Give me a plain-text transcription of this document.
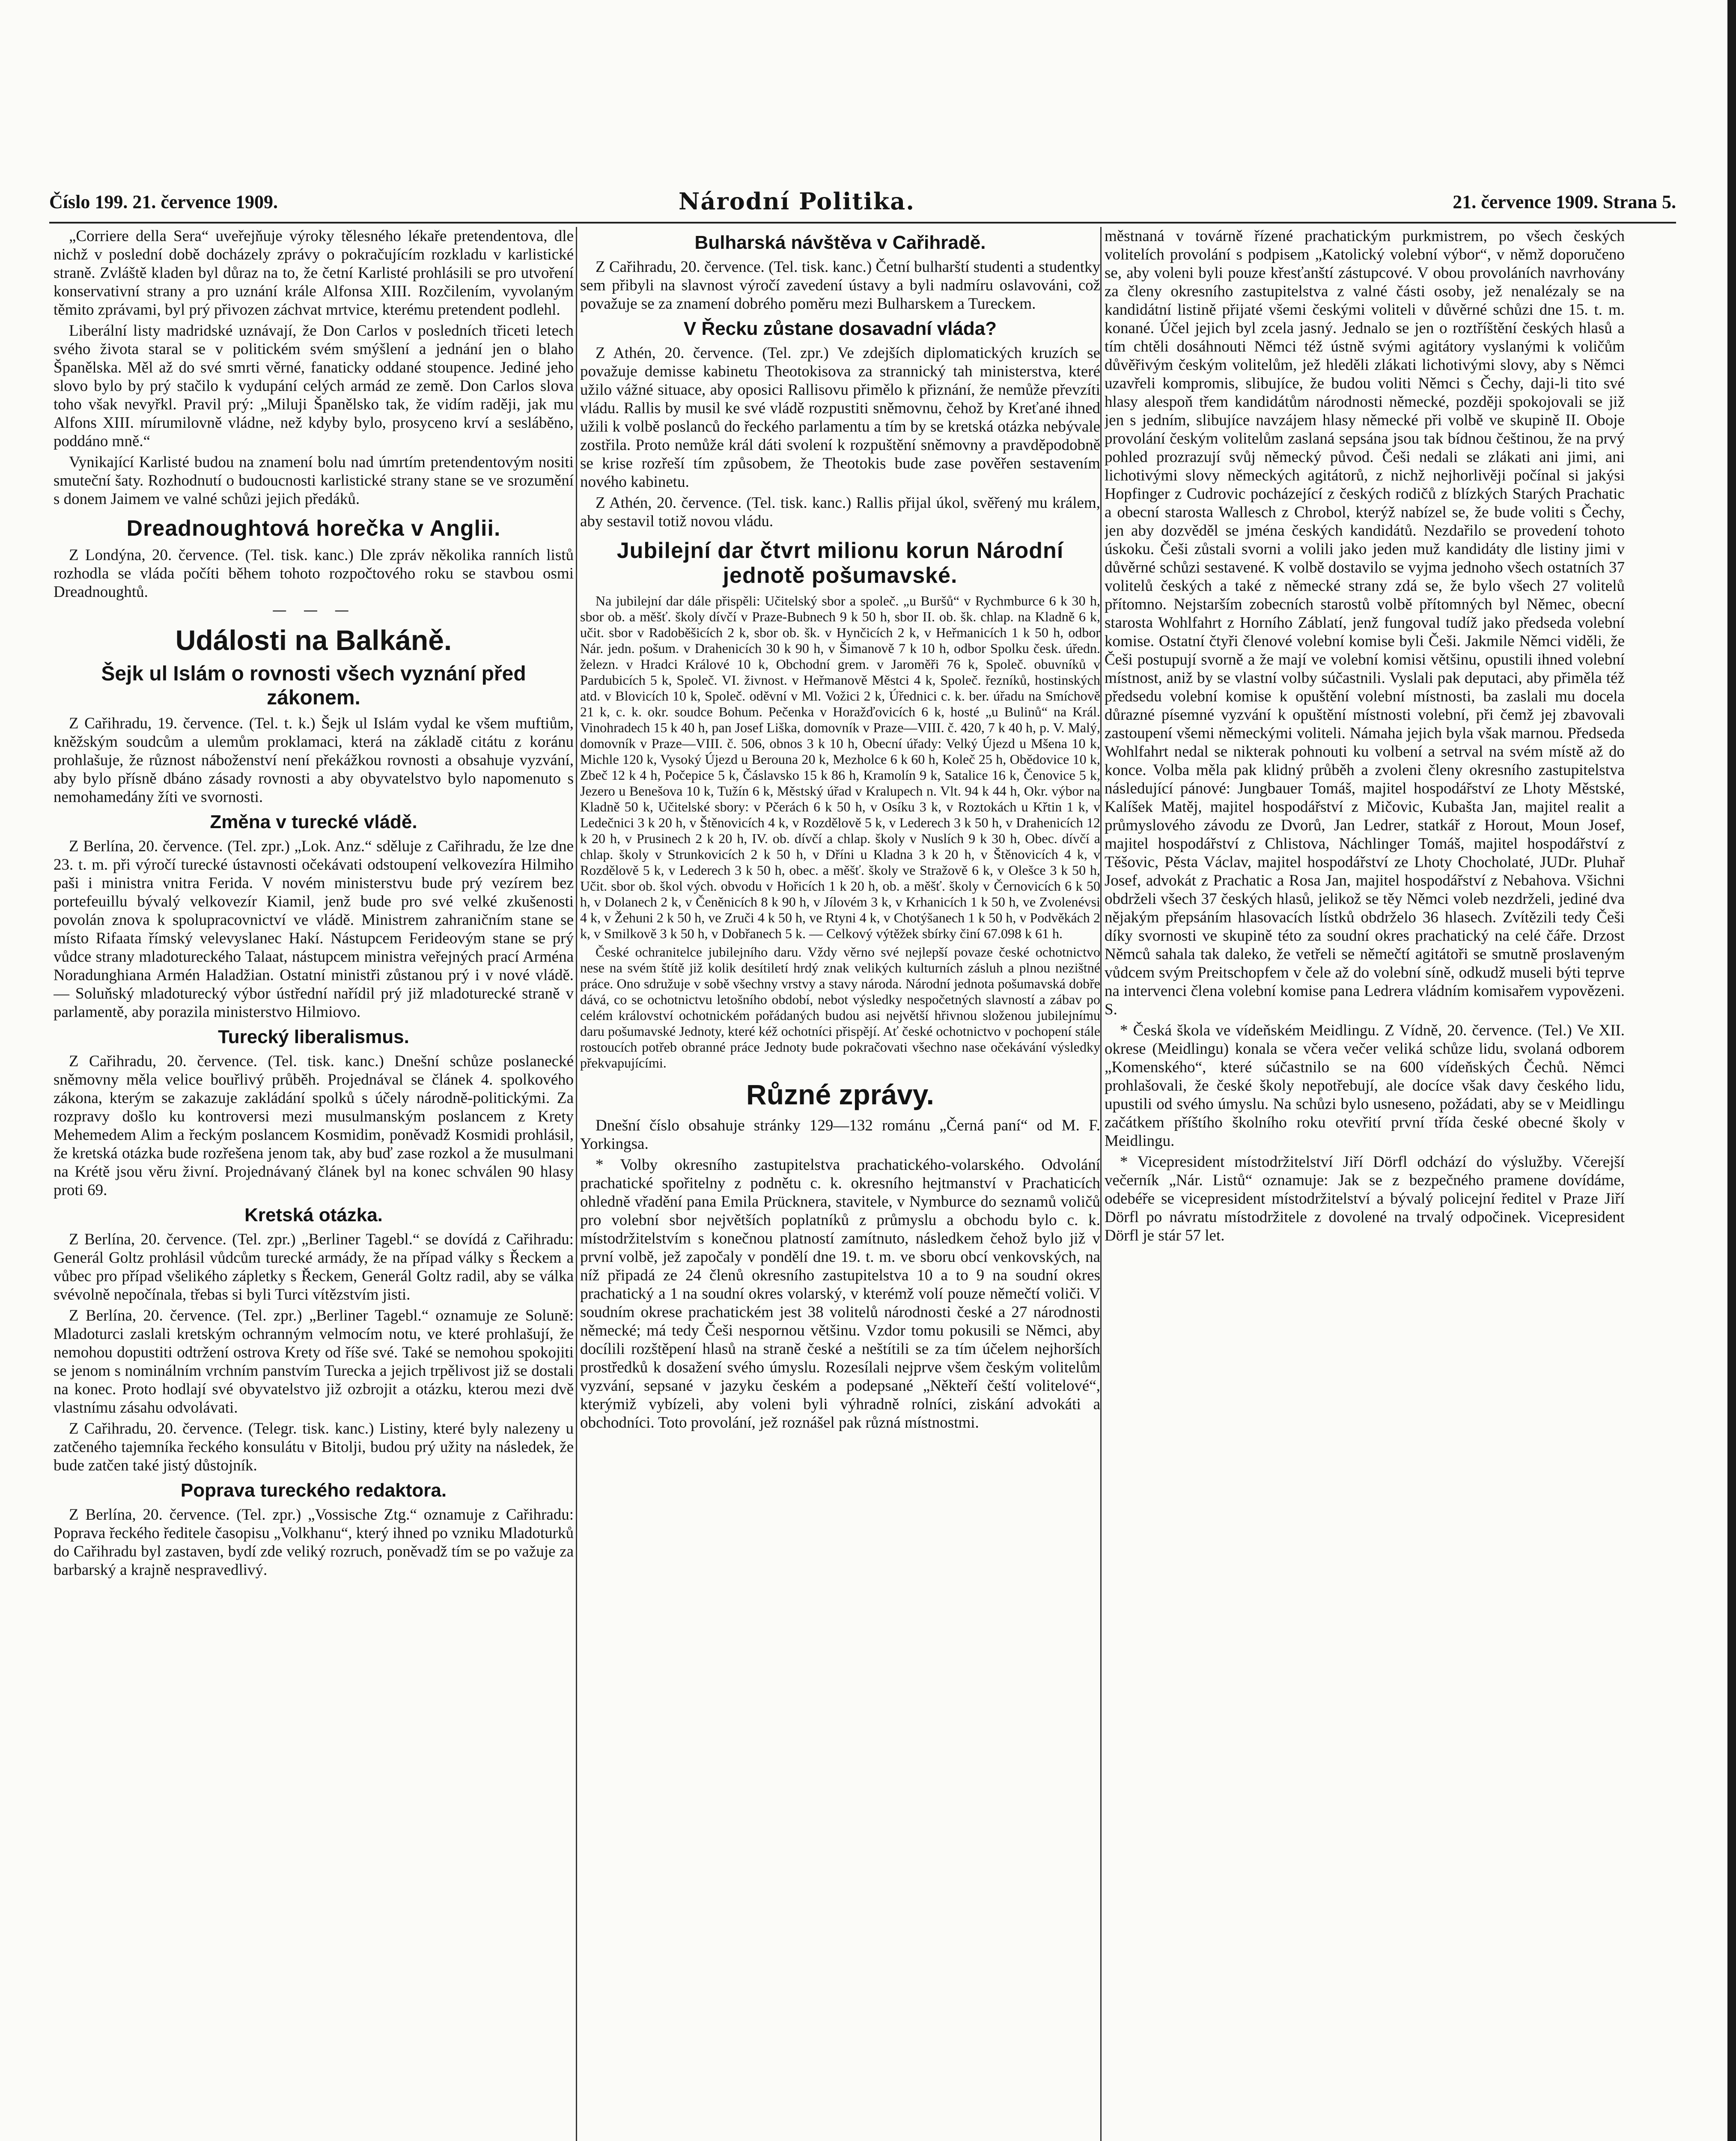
Číslo 199. 21. července 1909.	Národní Politika.	21. července 1909. Strana 5.

„Corriere della Sera“ uveřejňuje výroky tělesného lékaře pretendentova, dle nichž v poslední době docházely zprávy o pokračujícím rozkladu v karlistické straně. Zvláště kladen byl důraz na to, že četní Karlisté prohlásili se pro utvoření konservativní strany a pro uznání krále Alfonsa XIII. Rozčilením, vyvolaným těmito zprávami, byl prý přivozen záchvat mrtvice, kterému pretendent podlehl.

Liberální listy madridské uznávají, že Don Carlos v posledních třiceti letech svého života staral se v politickém svém smýšlení a jednání jen o blaho Španělska. Měl až do své smrti věrné, fanaticky oddané stoupence. Jediné jeho slovo bylo by prý stačilo k vydupání celých armád ze země. Don Carlos slova toho však nevyřkl. Pravil prý: „Miluji Španělsko tak, že vidím raději, jak mu Alfons XIII. mírumilovně vládne, než kdyby bylo, prosyceno krví a sesláběno, poddáno mně.“

Vynikající Karlisté budou na znamení bolu nad úmrtím pretendentovým nositi smuteční šaty. Rozhodnutí o budoucnosti karlistické strany stane se ve srozumění s donem Jaimem ve valné schůzi jejich předáků.

Dreadnoughtová horečka v Anglii.

Z Londýna, 20. července. (Tel. tisk. kanc.) Dle zpráv několika ranních listů rozhodla se vláda počíti během tohoto rozpočtového roku se stavbou osmi Dreadnoughtů.

— — —

Události na Balkáně.
Šejk ul Islám o rovnosti všech vyznání před zákonem.

Z Cařihradu, 19. července. (Tel. t. k.) Šejk ul Islám vydal ke všem muftiům, kněžským soudcům a ulemům proklamaci, která na základě citátu z koránu prohlašuje, že různost náboženství není překážkou rovnosti a obsahuje vyzvání, aby bylo přísně dbáno zásady rovnosti a aby obyvatelstvo bylo napomenuto s nemohamedány žíti ve svornosti.

Změna v turecké vládě.

Z Berlína, 20. července. (Tel. zpr.) „Lok. Anz.“ sděluje z Cařihradu, že lze dne 23. t. m. při výročí turecké ústavnosti očekávati odstoupení velkovezíra Hilmiho paši i ministra vnitra Ferida. V novém ministerstvu bude prý vezírem bez portefeuillu bývalý velkovezír Kiamil, jenž bude pro své velké zkušenosti povolán znova k spolupracovnictví ve vládě. Ministrem zahraničním stane se místo Rifaata římský velevyslanec Hakí. Nástupcem Ferideovým stane se prý vůdce strany mladotureckého Talaat, nástupcem ministra veřejných prací Arména Noradunghiana Armén Haladžian. Ostatní ministři zůstanou prý i v nové vládě. — Soluňský mladoturecký výbor ústřední nařídil prý již mladoturecké straně v parlamentě, aby porazila ministerstvo Hilmiovo.

Turecký liberalismus.

Z Cařihradu, 20. července. (Tel. tisk. kanc.) Dnešní schůze poslanecké sněmovny měla velice bouřlivý průběh. Projednával se článek 4. spolkového zákona, kterým se zakazuje zakládání spolků s účely národně-politickými. Za rozpravy došlo ku kontroversi mezi musulmanským poslancem z Krety Mehemedem Alim a řeckým poslancem Kosmidim, poněvadž Kosmidi prohlásil, že kretská otázka bude rozřešena jenom tak, aby buď zase rozkol a že musulmani na Krétě jsou věru živní. Projednávaný článek byl na konec schválen 90 hlasy proti 69.

Kretská otázka.

Z Berlína, 20. července. (Tel. zpr.) „Berliner Tagebl.“ se dovídá z Cařihradu: Generál Goltz prohlásil vůdcům turecké armády, že na případ války s Řeckem a vůbec pro případ všelikého zápletky s Řeckem, Generál Goltz radil, aby se válka svévolně nepočínala, třebas si byli Turci vítězstvím jisti.

Z Berlína, 20. července. (Tel. zpr.) „Berliner Tagebl.“ oznamuje ze Soluně: Mladoturci zaslali kretským ochranným velmocím notu, ve které prohlašují, že nemohou dopustiti odtržení ostrova Krety od říše své. Také se nemohou spokojiti se jenom s nominálním vrchním panstvím Turecka a jejich trpělivost již se dostali na konec. Proto hodlají své obyvatelstvo již ozbrojit a otázku, kterou mezi dvě vlastnímu zásahu odvolávati.

Z Cařihradu, 20. července. (Telegr. tisk. kanc.) Listiny, které byly nalezeny u zatčeného tajemníka řeckého konsulátu v Bitolji, budou prý užity na následek, že bude zatčen také jistý důstojník.

Poprava tureckého redaktora.

Z Berlína, 20. července. (Tel. zpr.) „Vossische Ztg.“ oznamuje z Cařihradu: Poprava řeckého ředitele časopisu „Volkhanu“, který ihned po vzniku Mladoturků do Cařihradu byl zastaven, bydí zde veliký rozruch, poněvadž tím se po važuje za barbarský a krajně nespravedlivý.

Bulharská návštěva v Cařihradě.

Z Cařihradu, 20. července. (Tel. tisk. kanc.) Četní bulharští studenti a studentky sem přibyli na slavnost výročí zavedení ústavy a byli nadmíru oslavováni, což považuje se za znamení dobrého poměru mezi Bulharskem a Tureckem.

V Řecku zůstane dosavadní vláda?

Z Athén, 20. července. (Tel. zpr.) Ve zdejších diplomatických kruzích se považuje demisse kabinetu Theotokisova za strannický tah ministerstva, které užilo vážné situace, aby oposici Rallisovu přimělo k přiznání, že nemůže převzíti vládu. Rallis by musil ke své vládě rozpustiti sněmovnu, čehož by Kreťané ihned užili k volbě poslanců do řeckého parlamentu a tím by se kretská otázka nebývale zostřila. Proto nemůže král dáti svolení k rozpuštění sněmovny a pravděpodobně se krise rozřeší tím způsobem, že Theotokis bude zase pověřen sestavením nového kabinetu.

Z Athén, 20. července. (Tel. tisk. kanc.) Rallis přijal úkol, svěřený mu králem, aby sestavil totiž novou vládu.

Jubilejní dar čtvrt milionu korun Národní jednotě pošumavské.

Na jubilejní dar dále přispěli: Učitelský sbor a společ. „u Buršů“ v Rychmburce 6 k 30 h, sbor ob. a měšť. školy dívčí v Praze-Bubnech 9 k 50 h, sbor II. ob. šk. chlap. na Kladně 6 k, učit. sbor v Radoběšicích 2 k, sbor ob. šk. v Hynčicích 2 k, v Heřmanicích 1 k 50 h, odbor Nár. jedn. pošum. v Drahenicích 30 k 90 h, v Šimanově 7 k 10 h, odbor Spolku česk. úředn. železn. v Hradci Králové 10 k, Obchodní grem. v Jaroměři 76 k, Společ. obuvníků v Pardubicích 5 k, Společ. VI. živnost. v Heřmanově Městci 4 k, Společ. řezníků, hostinských atd. v Blovicích 10 k, Společ. oděvní v Ml. Vožici 2 k, Úřednici c. k. ber. úřadu na Smíchově 21 k, c. k. okr. soudce Bohum. Pečenka v Horažďovicích 6 k, hosté „u Bulinů“ na Král. Vinohradech 15 k 40 h, pan Josef Liška, domovník v Praze—VIII. č. 420, 7 k 40 h, p. V. Malý, domovník v Praze—VIII. č. 506, obnos 3 k 10 h, Obecní úřady: Velký Újezd u Mšena 10 k, Michle 120 k, Vysoký Újezd u Berouna 20 k, Mezholce 6 k 60 h, Koleč 25 h, Obědovice 10 k, Zbeč 12 k 4 h, Počepice 5 k, Čáslavsko 15 k 86 h, Kramolín 9 k, Satalice 16 k, Čenovice 5 k, Jezero u Benešova 10 k, Tužín 6 k, Městský úřad v Kralupech n. Vlt. 94 k 44 h, Okr. výbor na Kladně 50 k, Učitelské sbory: v Pčerách 6 k 50 h, v Osíku 3 k, v Roztokách u Křtin 1 k, v Ledečnici 3 k 20 h, v Štěnovicích 4 k, v Rozdělově 5 k, v Lederech 3 k 50 h, v Drahenicích 12 k 20 h, v Prusinech 2 k 20 h, IV. ob. dívčí a chlap. školy v Nuslích 9 k 30 h, Obec. dívčí a chlap. školy v Strunkovicích 2 k 50 h, v Dříni u Kladna 3 k 20 h, v Štěnovicích 4 k, v Rozdělově 5 k, v Lederech 3 k 50 h, obec. a měšť. školy ve Stražově 6 k, v Olešce 3 k 50 h, Učit. sbor ob. škol vých. obvodu v Hořicích 1 k 20 h, ob. a měšť. školy v Černovicích 6 k 50 h, v Dolanech 2 k, v Čeněnicích 8 k 90 h, v Jílovém 3 k, v Krhanicích 1 k 50 h, ve Zvolenévsi 4 k, v Žehuni 2 k 50 h, ve Zruči 4 k 50 h, ve Rtyni 4 k, v Chotýšanech 1 k 50 h, v Podvěkách 2 k, v Smilkově 3 k 50 h, v Dobřanech 5 k. — Celkový výtěžek sbírky činí 67.098 k 61 h.

České ochranitelce jubilejního daru. Vždy věrno své nejlepší povaze české ochotnictvo nese na svém štítě již kolik desítiletí hrdý znak velikých kulturních zásluh a plnou nezištné práce. Ono sdružuje v sobě všechny vrstvy a stavy národa. Národní jednota pošumavská dobře dává, co se ochotnictvu letošního období, nebot výsledky nespočetných slavností a zábav po celém království ochotnickém pořádaných budou asi největší hřivnou složenou jubilejnímu daru pošumavské Jednoty, které kéž ochotníci přispějí. Ať české ochotnictvo v pochopení stále rostoucích potřeb obranné práce Jednoty bude pokračovati všechno nase očekávání výsledky překvapujícími.

Různé zprávy.

Dnešní číslo obsahuje stránky 129—132 románu „Černá paní“ od M. F. Yorkingsa.

* Volby okresního zastupitelstva prachatického-volarského. Odvolání prachatické spořitelny z podnětu c. k. okresního hejtmanství v Prachaticích ohledně vřadění pana Emila Prücknera, stavitele, v Nymburce do seznamů voličů pro volební sbor největších poplatníků z průmyslu a obchodu bylo c. k. místodržitelstvím s konečnou platností zamítnuto, následkem čehož bylo již v první volbě, jež započaly v pondělí dne 19. t. m. ve sboru obcí venkovských, na níž připadá ze 24 členů okresního zastupitelstva 10 a to 9 na soudní okres prachatický a 1 na soudní okres volarský, v kterémž volí pouze němečtí voliči. V soudním okrese prachatickém jest 38 volitelů národnosti české a 27 národnosti německé; má tedy Češi nespornou většinu. Vzdor tomu pokusili se Němci, aby docílili rozštěpení hlasů na straně české a neštítili se za tím účelem nejhorších prostředků k dosažení svého úmyslu. Rozesílali nejprve všem českým volitelům vyzvání, sepsané v jazyku českém a podepsané „Někteří čeští volitelové“, kterýmiž vybízeli, aby voleni byli výhradně rolníci, ziskání advokáti a obchodníci. Toto provolání, jež roznášel pak různá místnostmi.

městnaná v továrně řízené prachatickým purkmistrem, po všech českých volitelích provolání s podpisem „Katolický volební výbor“, v němž doporučeno se, aby voleni byli pouze křesťanští zástupcové. V obou provoláních navrhovány za členy okresního zastupitelstva z valné části osoby, jež nenalézaly se na kandidátní listině přijaté všemi českými voliteli v důvěrné schůzi dne 15. t. m. konané. Účel jejich byl zcela jasný. Jednalo se jen o roztříštění českých hlasů a tím chtěli dosáhnouti Němci též ústně svými agitátory vyslanými k voličům důvěřivým českým volitelům, jež hleděli zlákati lichotivými slovy, aby s Němci uzavřeli kompromis, slibujíce, že budou voliti Němci s Čechy, daji-li tito své hlasy alespoň třem kandidátům národnosti německé, později spokojovali se již jen s jedním, slibujíce navzájem hlasy německé při volbě ve skupině II. Oboje provolání českým volitelům zaslaná sepsána jsou tak bídnou češtinou, že na prvý pohled prozrazují svůj německý původ. Češi nedali se zlákati ani jimi, ani lichotivými slovy německých agitátorů, z nichž nejhorlivěji počínal si jakýsi Hopfinger z Cudrovic pocházející z českých rodičů z blízkých Starých Prachatic a obecní starosta Wallesch z Chrobol, kterýž nabízel se, že bude voliti s Čechy, jen aby dozvěděl se jména českých kandidátů. Nezdařilo se provedení tohoto úskoku. Češi zůstali svorni a volili jako jeden muž kandidáty dle listiny jimi v důvěrné schůzi sestavené. K volbě dostavilo se vyjma jednoho všech ostatních 37 volitelů českých a také z německé strany zdá se, že bylo všech 27 volitelů přítomno. Nejstarším zobecních starostů volbě přítomných byl Němec, obecní starosta Wohlfahrt z Horního Záblatí, jenž fungoval tudíž jako předseda volební komise. Ostatní čtyři členové volební komise byli Češi. Jakmile Němci viděli, že Češi postupují svorně a že mají ve volební komisi většinu, opustili ihned volební místnost, aniž by se vlastní volby súčastnili. Vyslali pak deputaci, aby přiměla též předsedu volební komise k opuštění volební místnosti, ba zaslali mu docela důrazné písemné vyzvání k opuštění místnosti volební, při čemž jej zbavovali zastoupení všemi německými voliteli. Námaha jejich byla však marnou. Předseda Wohlfahrt nedal se nikterak pohnouti ku volbení a setrval na svém místě až do konce. Volba měla pak klidný průběh a zvoleni členy okresního zastupitelstva následující pánové: Jungbauer Tomáš, majitel hospodářství ze Lhoty Městské, Kalíšek Matěj, majitel hospodářství z Mičovic, Kubašta Jan, majitel realit a průmyslového závodu ze Dvorů, Jan Ledrer, statkář z Horout, Moun Josef, majitel hospodářství z Chlistova, Náchlinger Tomáš, majitel hospodářství z Těšovic, Pěsta Václav, majitel hospodářství ze Lhoty Chocholaté, JUDr. Pluhař Josef, advokát z Prachatic a Rosa Jan, majitel hospodářství z Nebahova. Všichni obdrželi všech 37 českých hlasů, jelikož se těy Němci voleb nezdrželi, jediné dva nějakým přepsáním hlasovacích lístků obdrželo 36 hlasech. Zvítězili tedy Češi díky svornosti ve skupině této za soudní okres prachatický na celé čáře. Drzost Němců sahala tak daleko, že vetřeli se němečtí agitátoři se smutně proslaveným vůdcem svým Preitschopfem v čele až do volební síně, odkudž museli býti teprve na intervenci člena volební komise pana Ledrera vládním komisařem vypovězeni. S.

* Česká škola ve vídeňském Meidlingu. Z Vídně, 20. července. (Tel.) Ve XII. okrese (Meidlingu) konala se včera večer veliká schůze lidu, svolaná odborem „Komenského“, které súčastnilo se na 600 vídeňských Čechů. Němci prohlašovali, že české školy nepotřebují, ale docíce však davy českého lidu, upustili od svého úmyslu. Na schůzi bylo usneseno, požádati, aby se v Meidlingu začátkem příštího školního roku otevřití první třída české obecné školy v Meidlingu.

* Vicepresident místodržitelství Jiří Dörfl odchází do výslužby. Včerejší večerník „Nár. Listů“ oznamuje: Jak se z bezpečného pramene dovídáme, odebéře se vicepresident místodržitelství a bývalý policejní ředitel v Praze Jiří Dörfl po návratu místodržitele z dovolené na trvalý odpočinek. Vicepresident Dörfl je stár 57 let.
